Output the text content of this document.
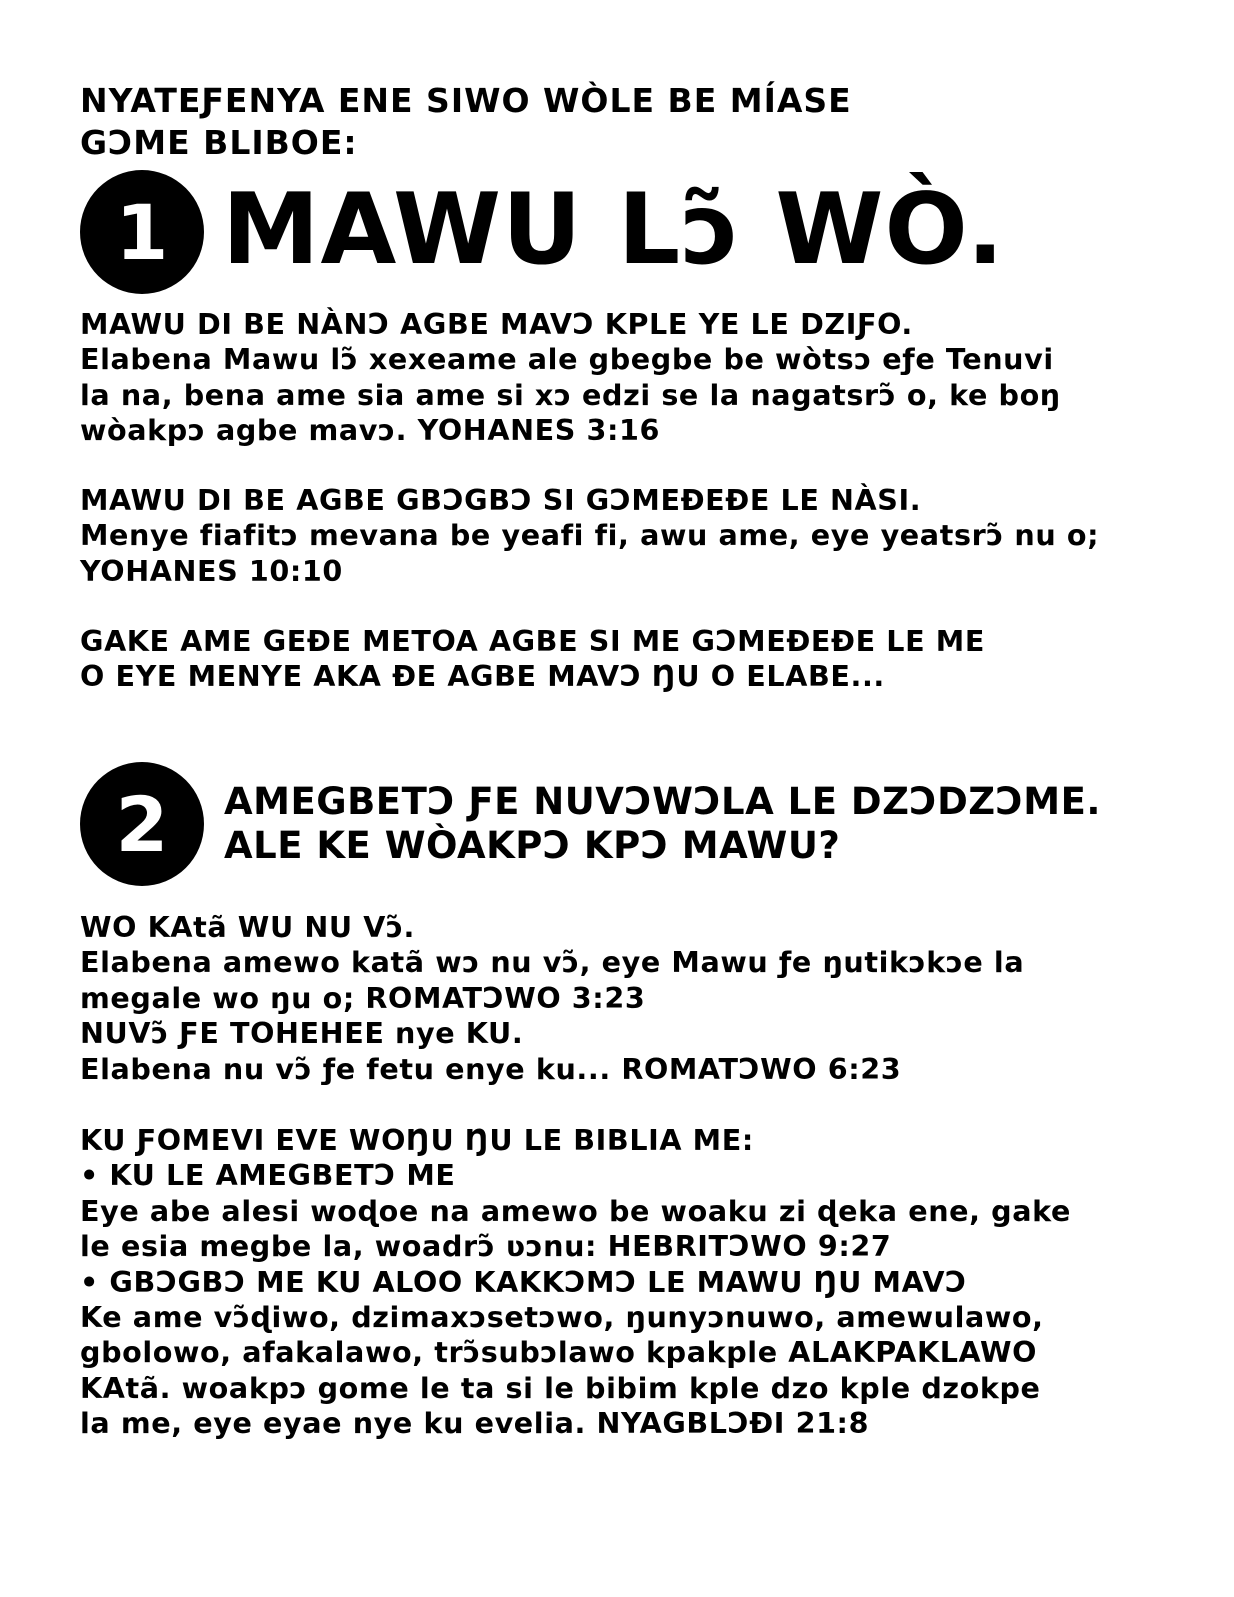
NYATEƑENYA ENE SIWO WÒLE BE MÍASE
GƆME BLIBOE:
1 MAWU Lɔ̃ WÒ.

MAWU DI BE NÀNƆ AGBE MAVƆ KPLE YE LE DZIƑO.
Elabena Mawu lɔ̃ xexeame ale gbegbe be wòtsɔ eƒe Tenuvi
la na, bena ame sia ame si xɔ edzi se la nagatsrɔ̃ o, ke boŋ
wòakpɔ agbe mavɔ. YOHANES 3:16

MAWU DI BE AGBE GBƆGBƆ SI GƆMEĐEĐE LE NÀSI.
Menye fiafitɔ mevana be yeafi fi, awu ame, eye yeatsrɔ̃ nu o;
YOHANES 10:10

GAKE AME GEĐE METOA AGBE SI ME GƆMEĐEĐE LE ME
O EYE MENYE AKA ĐE AGBE MAVƆ ŊU O ELABE...

2 AMEGBETƆ ƑE NUVƆWƆLA LE DZƆDZƆME.
ALE KE WÒAKPƆ KPƆ MAWU?

WO KAtã WU NU Vɔ̃.
Elabena amewo katã wɔ nu vɔ̃, eye Mawu ƒe ŋutikɔkɔe la
megale wo ŋu o; ROMATƆWO 3:23
NUVɔ̃ ƑE TOHEHEE nye KU.
Elabena nu vɔ̃ ƒe fetu enye ku... ROMATƆWO 6:23

KU ƑOMEVI EVE WOŊU ŊU LE BIBLIA ME:
• KU LE AMEGBETƆ ME
Eye abe alesi woɖoe na amewo be woaku zi ɖeka ene, gake
le esia megbe la, woadrɔ̃ ʋɔnu: HEBRITƆWO 9:27
• GBƆGBƆ ME KU ALOO KAKKƆMƆ LE MAWU ŊU MAVƆ
Ke ame vɔ̃ɖiwo, dzimaxɔsetɔwo, ŋunyɔnuwo, amewulawo,
gbolowo, afakalawo, trɔ̃subɔlawo kpakple ALAKPAKLAWO
KAtã. woakpɔ gome le ta si le bibim kple dzo kple dzokpe
la me, eye eyae nye ku evelia. NYAGBLƆĐI 21:8
